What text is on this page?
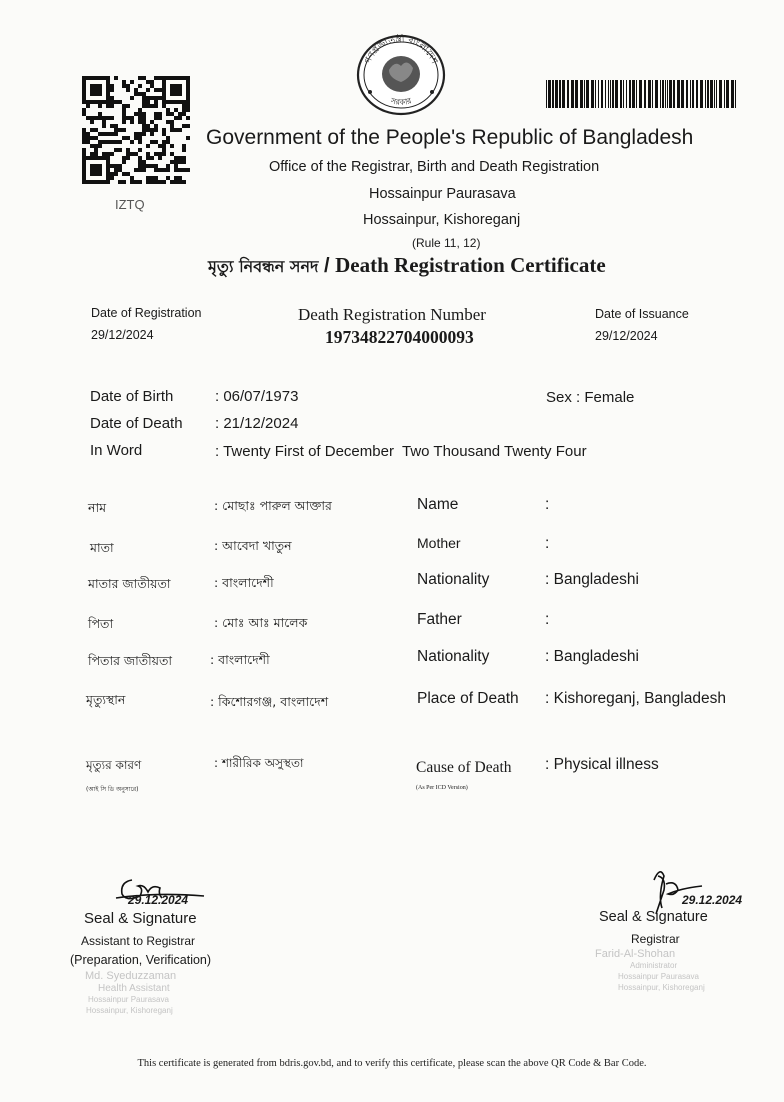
IZTQ
গণপ্রজাতন্ত্রী বাংলাদেশ
সরকার
Government of the People's Republic of Bangladesh
Office of the Registrar, Birth and Death Registration
Hossainpur Paurasava
Hossainpur, Kishoreganj
(Rule 11, 12)
মৃত্যু নিবন্ধন সনদ / Death Registration Certificate
Date of Registration
29/12/2024
Death Registration Number
19734822704000093
Date of Issuance
29/12/2024
Date of Birth	: 06/07/1973	Sex : Female
Date of Death : 21/12/2024
In Word	: Twenty First of December  Two Thousand Twenty Four
নাম	: মোছাঃ পারুল আক্তার	Name	:
মাতা	: আবেদা খাতুন	Mother	:
মাতার জাতীয়তা	: বাংলাদেশী	Nationality	: Bangladeshi
পিতা	: মোঃ আঃ মালেক	Father	:
পিতার জাতীয়তা	: বাংলাদেশী	Nationality	: Bangladeshi
মৃত্যুস্থান	: কিশোরগঞ্জ, বাংলাদেশ	Place of Death : Kishoreganj, Bangladesh
মৃত্যুর কারণ	: শারীরিক অসুস্থতা	Cause of Death : Physical illness
(আই সি ডি অনুসারে)	(As Per ICD Version)
29.12.2024
Seal & Signature
Assistant to Registrar
(Preparation, Verification)
Md. Syeduzzaman
Health Assistant
Hossainpur Paurasava
Hossainpur, Kishoreganj
29.12.2024
Seal & Signature
Registrar
Farid-Al-Shohan
Administrator
Hossainpur Paurasava
Hossainpur, Kishoreganj
This certificate is generated from bdris.gov.bd, and to verify this certificate, please scan the above QR Code & Bar Code.
